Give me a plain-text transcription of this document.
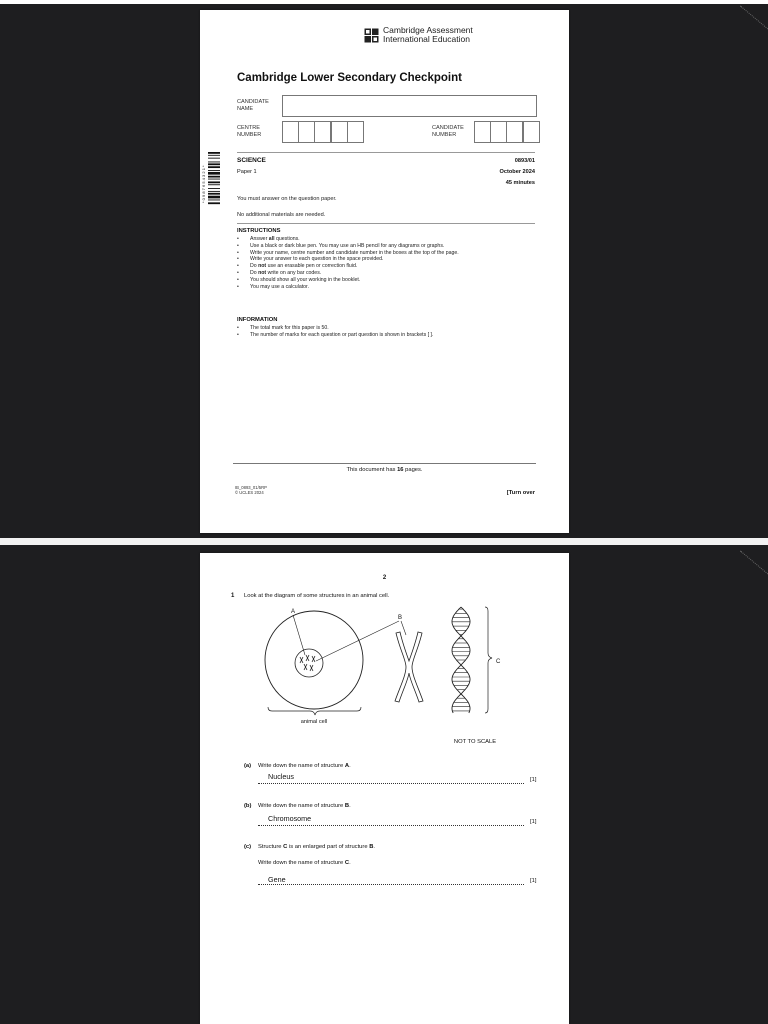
Cambridge Assessment
International Education
Cambridge Lower Secondary Checkpoint
CANDIDATE NAME
CENTRE NUMBER
CANDIDATE NUMBER
* 0 9 8 7 6 5 4 3 2 1 *
SCIENCE	0893/01
Paper 1	October 2024
45 minutes
You must answer on the question paper.
No additional materials are needed.
INSTRUCTIONS
• Answer all questions.
• Use a black or dark blue pen. You may use an HB pencil for any diagrams or graphs.
• Write your name, centre number and candidate number in the boxes at the top of the page.
• Write your answer to each question in the space provided.
• Do not use an erasable pen or correction fluid.
• Do not write on any bar codes.
• You should show all your working in the booklet.
• You may use a calculator.
INFORMATION
• The total mark for this paper is 50.
• The number of marks for each question or part question is shown in brackets [ ].
This document has 16 pages.
IB_0893_01/5RP
© UCLES 2024	[Turn over
2
1 Look at the diagram of some structures in an animal cell.
A
B
C
animal cell
NOT TO SCALE
(a) Write down the name of structure A.
Nucleus	[1]
(b) Write down the name of structure B.
Chromosome	[1]
(c) Structure C is an enlarged part of structure B.
Write down the name of structure C.
Gene	[1]
